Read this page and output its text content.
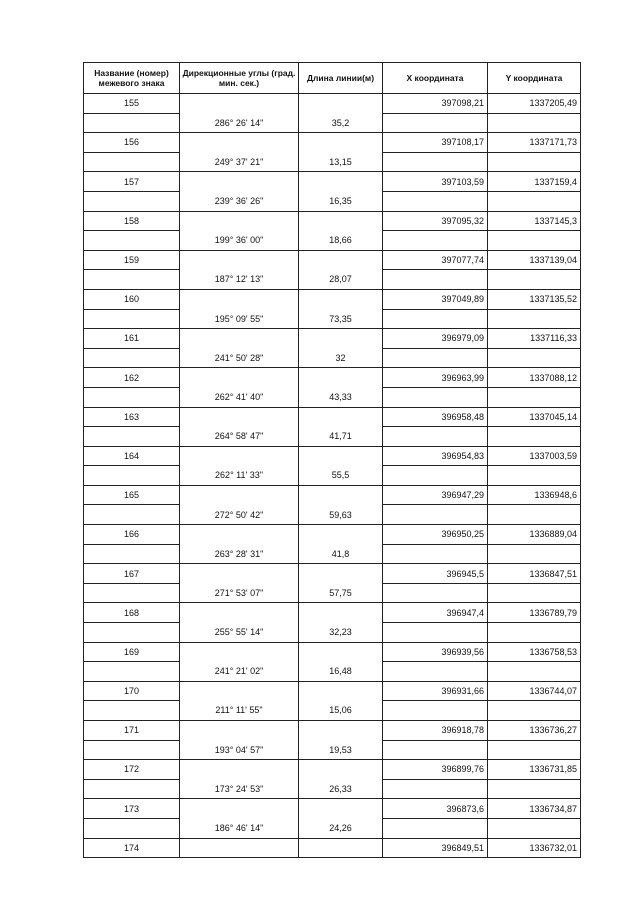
Название (номер) межевого знака	Дирекционные углы (град. мин. сек.)	Длина линии(м)	X координата	Y координата
155			397098,21	1337205,49
	286° 26' 14"	35,2		
156			397108,17	1337171,73
	249° 37' 21"	13,15		
157			397103,59	1337159,4
	239° 36' 26"	16,35		
158			397095,32	1337145,3
	199° 36' 00"	18,66		
159			397077,74	1337139,04
	187° 12' 13"	28,07		
160			397049,89	1337135,52
	195° 09' 55"	73,35		
161			396979,09	1337116,33
	241° 50' 28"	32		
162			396963,99	1337088,12
	262° 41' 40"	43,33		
163			396958,48	1337045,14
	264° 58' 47"	41,71		
164			396954,83	1337003,59
	262° 11' 33"	55,5		
165			396947,29	1336948,6
	272° 50' 42"	59,63		
166			396950,25	1336889,04
	263° 28' 31"	41,8		
167			396945,5	1336847,51
	271° 53' 07"	57,75		
168			396947,4	1336789,79
	255° 55' 14"	32,23		
169			396939,56	1336758,53
	241° 21' 02"	16,48		
170			396931,66	1336744,07
	211° 11' 55"	15,06		
171			396918,78	1336736,27
	193° 04' 57"	19,53		
172			396899,76	1336731,85
	173° 24' 53"	26,33		
173			396873,6	1336734,87
	186° 46' 14"	24,26		
174			396849,51	1336732,01
